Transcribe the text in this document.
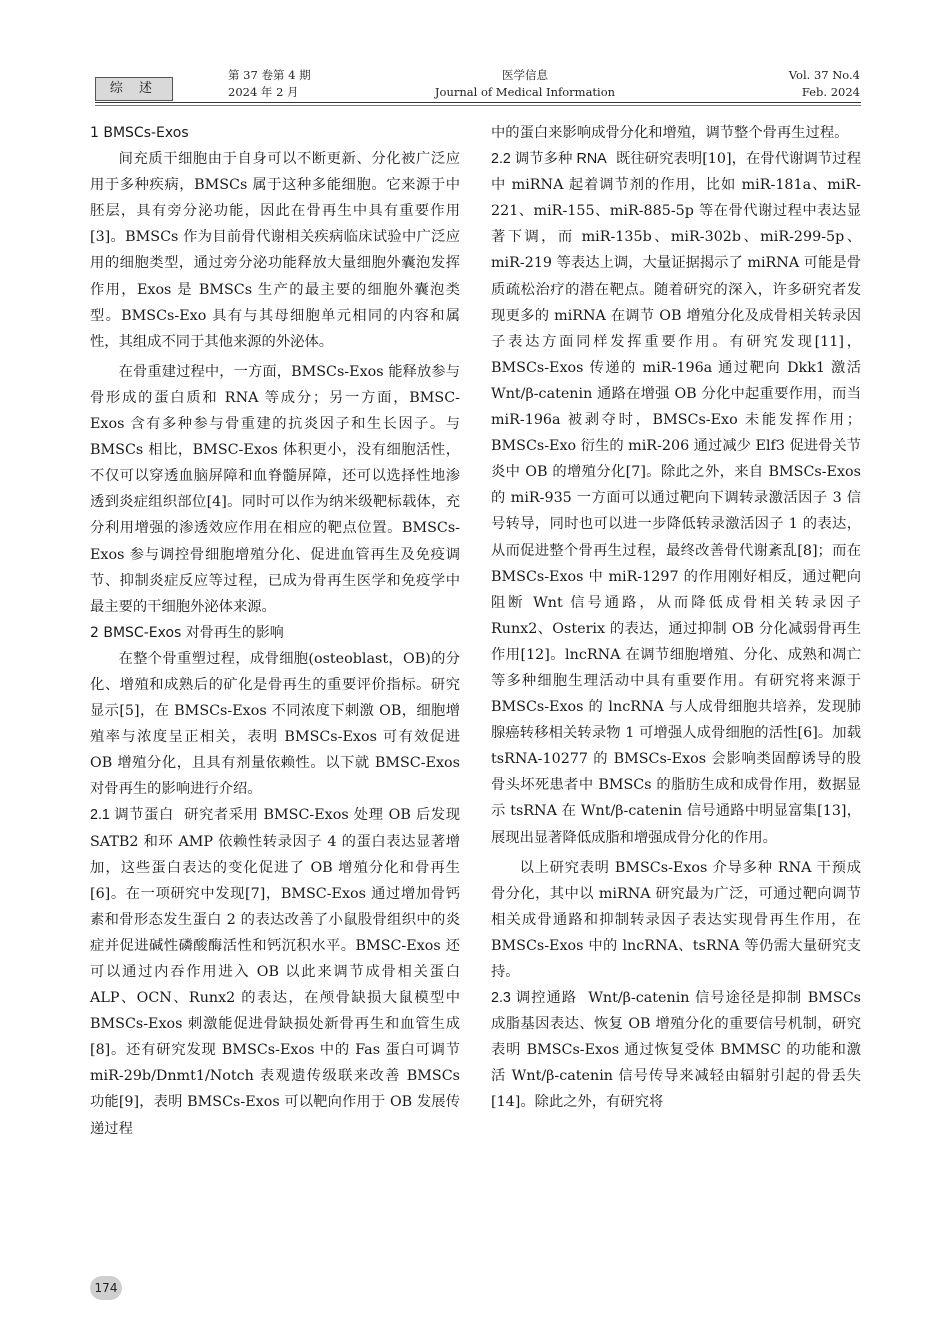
综 述
第 37 卷第 4 期
2024 年 2 月
医学信息
Journal of Medical Information
Vol. 37 No.4
Feb. 2024

1 BMSCs-Exos

间充质干细胞由于自身可以不断更新、分化被广泛应用于多种疾病，BMSCs 属于这种多能细胞。它来源于中胚层，具有旁分泌功能，因此在骨再生中具有重要作用[3]。BMSCs 作为目前骨代谢相关疾病临床试验中广泛应用的细胞类型，通过旁分泌功能释放大量细胞外囊泡发挥作用，Exos 是 BMSCs 生产的最主要的细胞外囊泡类型。BMSCs-Exo 具有与其母细胞单元相同的内容和属性，其组成不同于其他来源的外泌体。

在骨重建过程中，一方面，BMSCs-Exos 能释放参与骨形成的蛋白质和 RNA 等成分；另一方面，BMSC-Exos 含有多种参与骨重建的抗炎因子和生长因子。与 BMSCs 相比，BMSC-Exos 体积更小，没有细胞活性，不仅可以穿透血脑屏障和血脊髓屏障，还可以选择性地渗透到炎症组织部位[4]。同时可以作为纳米级靶标载体，充分利用增强的渗透效应作用在相应的靶点位置。BMSCs-Exos 参与调控骨细胞增殖分化、促进血管再生及免疫调节、抑制炎症反应等过程，已成为骨再生医学和免疫学中最主要的干细胞外泌体来源。

2 BMSC-Exos 对骨再生的影响

在整个骨重塑过程，成骨细胞(osteoblast，OB)的分化、增殖和成熟后的矿化是骨再生的重要评价指标。研究显示[5]，在 BMSCs-Exos 不同浓度下刺激 OB，细胞增殖率与浓度呈正相关，表明 BMSCs-Exos 可有效促进 OB 增殖分化，且具有剂量依赖性。以下就 BMSC-Exos 对骨再生的影响进行介绍。

2.1 调节蛋白 研究者采用 BMSC-Exos 处理 OB 后发现 SATB2 和环 AMP 依赖性转录因子 4 的蛋白表达显著增加，这些蛋白表达的变化促进了 OB 增殖分化和骨再生[6]。在一项研究中发现[7]，BMSC-Exos 通过增加骨钙素和骨形态发生蛋白 2 的表达改善了小鼠股骨组织中的炎症并促进碱性磷酸酶活性和钙沉积水平。BMSC-Exos 还可以通过内吞作用进入 OB 以此来调节成骨相关蛋白 ALP、OCN、Runx2 的表达，在颅骨缺损大鼠模型中 BMSCs-Exos 刺激能促进骨缺损处新骨再生和血管生成[8]。还有研究发现 BMSCs-Exos 中的 Fas 蛋白可调节 miR-29b/Dnmt1/Notch 表观遗传级联来改善 BMSCs 功能[9]，表明 BMSCs-Exos 可以靶向作用于 OB 发展传递过程

中的蛋白来影响成骨分化和增殖，调节整个骨再生过程。

2.2 调节多种 RNA 既往研究表明[10]，在骨代谢调节过程中 miRNA 起着调节剂的作用，比如 miR-181a、miR-221、miR-155、miR-885-5p 等在骨代谢过程中表达显著下调，而 miR-135b、miR-302b、miR-299-5p、miR-219 等表达上调，大量证据揭示了 miRNA 可能是骨质疏松治疗的潜在靶点。随着研究的深入，许多研究者发现更多的 miRNA 在调节 OB 增殖分化及成骨相关转录因子表达方面同样发挥重要作用。有研究发现[11]，BMSCs-Exos 传递的 miR-196a 通过靶向 Dkk1 激活 Wnt/β-catenin 通路在增强 OB 分化中起重要作用，而当 miR-196a 被剥夺时，BMSCs-Exo 未能发挥作用；BMSCs-Exo 衍生的 miR-206 通过减少 Elf3 促进骨关节炎中 OB 的增殖分化[7]。除此之外，来自 BMSCs-Exos 的 miR-935 一方面可以通过靶向下调转录激活因子 3 信号转导，同时也可以进一步降低转录激活因子 1 的表达，从而促进整个骨再生过程，最终改善骨代谢紊乱[8]；而在 BMSCs-Exos 中 miR-1297 的作用刚好相反，通过靶向阻断 Wnt 信号通路，从而降低成骨相关转录因子 Runx2、Osterix 的表达，通过抑制 OB 分化减弱骨再生作用[12]。lncRNA 在调节细胞增殖、分化、成熟和凋亡等多种细胞生理活动中具有重要作用。有研究将来源于 BMSCs-Exos 的 lncRNA 与人成骨细胞共培养，发现肺腺癌转移相关转录物 1 可增强人成骨细胞的活性[6]。加载 tsRNA-10277 的 BMSCs-Exos 会影响类固醇诱导的股骨头坏死患者中 BMSCs 的脂肪生成和成骨作用，数据显示 tsRNA 在 Wnt/β-catenin 信号通路中明显富集[13]，展现出显著降低成脂和增强成骨分化的作用。

以上研究表明 BMSCs-Exos 介导多种 RNA 干预成骨分化，其中以 miRNA 研究最为广泛，可通过靶向调节相关成骨通路和抑制转录因子表达实现骨再生作用，在 BMSCs-Exos 中的 lncRNA、tsRNA 等仍需大量研究支持。

2.3 调控通路 Wnt/β-catenin 信号途径是抑制 BMSCs 成脂基因表达、恢复 OB 增殖分化的重要信号机制，研究表明 BMSCs-Exos 通过恢复受体 BMMSC 的功能和激活 Wnt/β-catenin 信号传导来减轻由辐射引起的骨丢失 [14]。除此之外，有研究将

174
